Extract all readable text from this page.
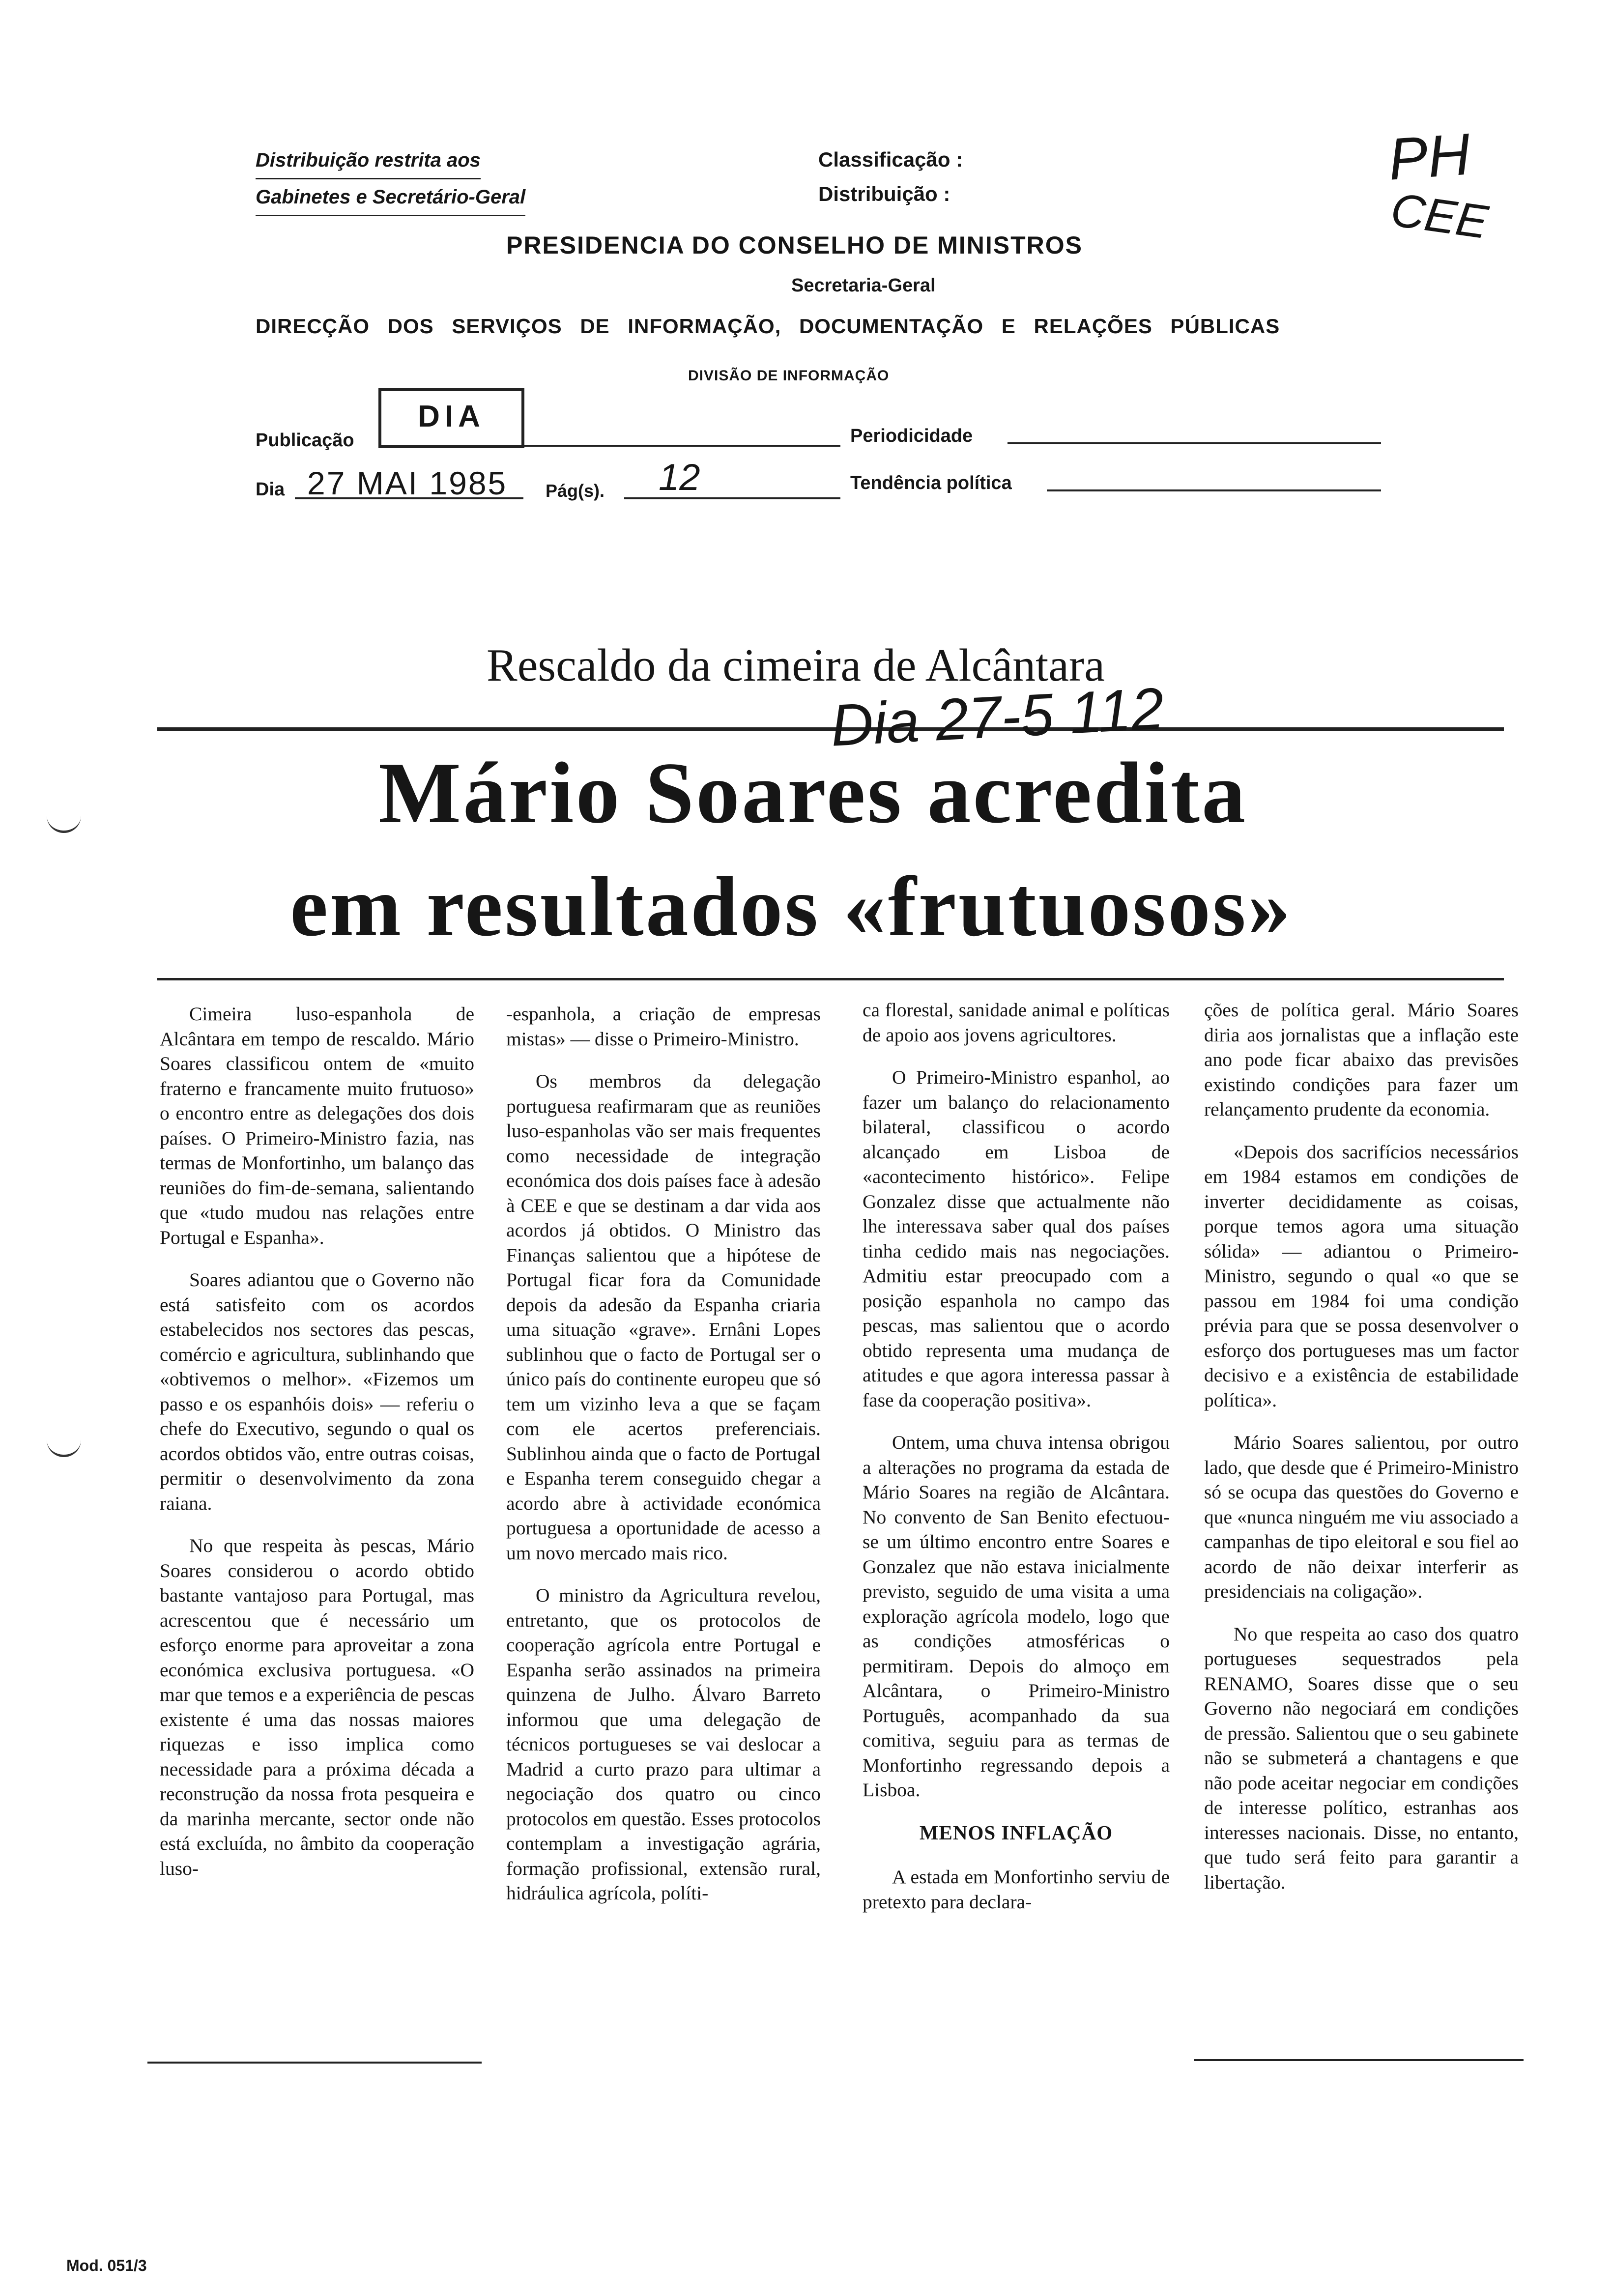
Distribuição restrita aos
Gabinetes e Secretário-Geral
Classificação :
Distribuição :
PRESIDENCIA DO CONSELHO DE MINISTROS
Secretaria-Geral
DIRECÇÃO DOS SERVIÇOS DE INFORMAÇÃO, DOCUMENTAÇÃO E RELAÇÕES PÚBLICAS
DIVISÃO DE INFORMAÇÃO
Publicação
DIA
Periodicidade
Dia 27 MAI 1985 Pág(s). 12	Tendência política
PH
CEE
Rescaldo da cimeira de Alcântara
Mário Soares acredita
em resultados «frutuosos»
Dia 27-5 112

Cimeira luso-espanhola de Alcântara em tempo de rescaldo. Mário Soares classificou ontem de «muito fraterno e francamente muito frutuoso» o encontro entre as delegações dos dois países. O Primeiro-Ministro fazia, nas termas de Monfortinho, um balanço das reuniões do fim-de-semana, salientando que «tudo mudou nas relações entre Portugal e Espanha».

Soares adiantou que o Governo não está satisfeito com os acordos estabelecidos nos sectores das pescas, comércio e agricultura, sublinhando que «obtivemos o melhor». «Fizemos um passo e os espanhóis dois» — referiu o chefe do Executivo, segundo o qual os acordos obtidos vão, entre outras coisas, permitir o desenvolvimento da zona raiana.

No que respeita às pescas, Mário Soares considerou o acordo obtido bastante vantajoso para Portugal, mas acrescentou que é necessário um esforço enorme para aproveitar a zona económica exclusiva portuguesa. «O mar que temos e a experiência de pescas existente é uma das nossas maiores riquezas e isso implica como necessidade para a próxima década a reconstrução da nossa frota pesqueira e da marinha mercante, sector onde não está excluída, no âmbito da cooperação luso-

-espanhola, a criação de empresas mistas» — disse o Primeiro-Ministro.

Os membros da delegação portuguesa reafirmaram que as reuniões luso-espanholas vão ser mais frequentes como necessidade de integração económica dos dois países face à adesão à CEE e que se destinam a dar vida aos acordos já obtidos. O Ministro das Finanças salientou que a hipótese de Portugal ficar fora da Comunidade depois da adesão da Espanha criaria uma situação «grave». Ernâni Lopes sublinhou que o facto de Portugal ser o único país do continente europeu que só tem um vizinho leva a que se façam com ele acertos preferenciais. Sublinhou ainda que o facto de Portugal e Espanha terem conseguido chegar a acordo abre à actividade económica portuguesa a oportunidade de acesso a um novo mercado mais rico.

O ministro da Agricultura revelou, entretanto, que os protocolos de cooperação agrícola entre Portugal e Espanha serão assinados na primeira quinzena de Julho. Álvaro Barreto informou que uma delegação de técnicos portugueses se vai deslocar a Madrid a curto prazo para ultimar a negociação dos quatro ou cinco protocolos em questão. Esses protocolos contemplam a investigação agrária, formação profissional, extensão rural, hidráulica agrícola, políti-

ca florestal, sanidade animal e políticas de apoio aos jovens agricultores.

O Primeiro-Ministro espanhol, ao fazer um balanço do relacionamento bilateral, classificou o acordo alcançado em Lisboa de «acontecimento histórico». Felipe Gonzalez disse que actualmente não lhe interessava saber qual dos países tinha cedido mais nas negociações. Admitiu estar preocupado com a posição espanhola no campo das pescas, mas salientou que o acordo obtido representa uma mudança de atitudes e que agora interessa passar à fase da cooperação positiva».

Ontem, uma chuva intensa obrigou a alterações no programa da estada de Mário Soares na região de Alcântara. No convento de San Benito efectuou-se um último encontro entre Soares e Gonzalez que não estava inicialmente previsto, seguido de uma visita a uma exploração agrícola modelo, logo que as condições atmosféricas o permitiram. Depois do almoço em Alcântara, o Primeiro-Ministro Português, acompanhado da sua comitiva, seguiu para as termas de Monfortinho regressando depois a Lisboa.

MENOS INFLAÇÃO

A estada em Monfortinho serviu de pretexto para declara-

ções de política geral. Mário Soares diria aos jornalistas que a inflação este ano pode ficar abaixo das previsões existindo condições para fazer um relançamento prudente da economia.

«Depois dos sacrifícios necessários em 1984 estamos em condições de inverter decididamente as coisas, porque temos agora uma situação sólida» — adiantou o Primeiro-Ministro, segundo o qual «o que se passou em 1984 foi uma condição prévia para que se possa desenvolver o esforço dos portugueses mas um factor decisivo e a existência de estabilidade política».

Mário Soares salientou, por outro lado, que desde que é Primeiro-Ministro só se ocupa das questões do Governo e que «nunca ninguém me viu associado a campanhas de tipo eleitoral e sou fiel ao acordo de não deixar interferir as presidenciais na coligação».

No que respeita ao caso dos quatro portugueses sequestrados pela RENAMO, Soares disse que o seu Governo não negociará em condições de pressão. Salientou que o seu gabinete não se submeterá a chantagens e que não pode aceitar negociar em condições de interesse político, estranhas aos interesses nacionais. Disse, no entanto, que tudo será feito para garantir a libertação.

Mod. 051/3
